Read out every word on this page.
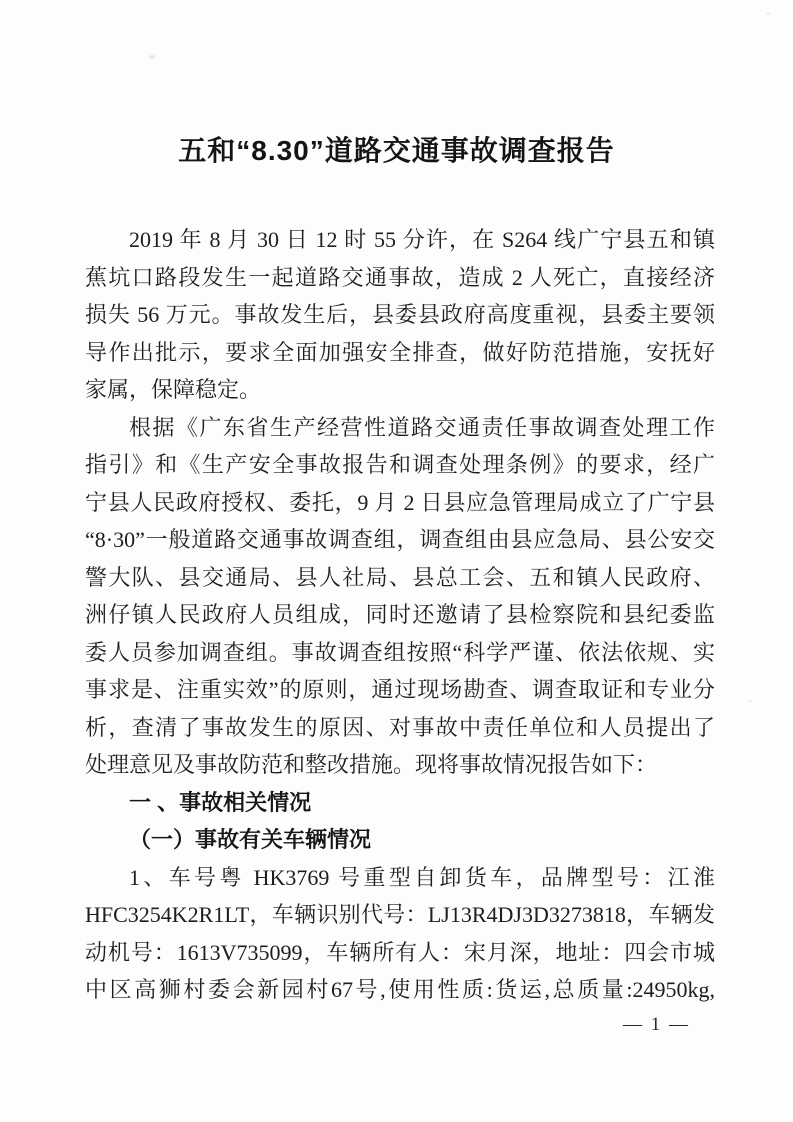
五和“8.30”道路交通事故调查报告
2019 年 8 月 30 日 12 时 55 分许，在 S264 线广宁县五和镇
蕉坑口路段发生一起道路交通事故，造成 2 人死亡，直接经济
损失 56 万元。事故发生后，县委县政府高度重视，县委主要领
导作出批示，要求全面加强安全排查，做好防范措施，安抚好
家属，保障稳定。
根据《广东省生产经营性道路交通责任事故调查处理工作
指引》和《生产安全事故报告和调查处理条例》的要求，经广
宁县人民政府授权、委托，9 月 2 日县应急管理局成立了广宁县
“8·30”一般道路交通事故调查组，调查组由县应急局、县公安交
警大队、县交通局、县人社局、县总工会、五和镇人民政府、
洲仔镇人民政府人员组成，同时还邀请了县检察院和县纪委监
委人员参加调查组。事故调查组按照“科学严谨、依法依规、实
事求是、注重实效”的原则，通过现场勘查、调查取证和专业分
析，查清了事故发生的原因、对事故中责任单位和人员提出了
处理意见及事故防范和整改措施。现将事故情况报告如下：
一 、事故相关情况
（一）事故有关车辆情况
1、车号粤 HK3769 号重型自卸货车，品牌型号：江淮
HFC3254K2R1LT，车辆识别代号：LJ13R4DJ3D3273818，车辆发
动机号：1613V735099，车辆所有人：宋月深，地址：四会市城
中区高狮村委会新园村67号,使用性质:货运,总质量:24950kg,
— 1 —
